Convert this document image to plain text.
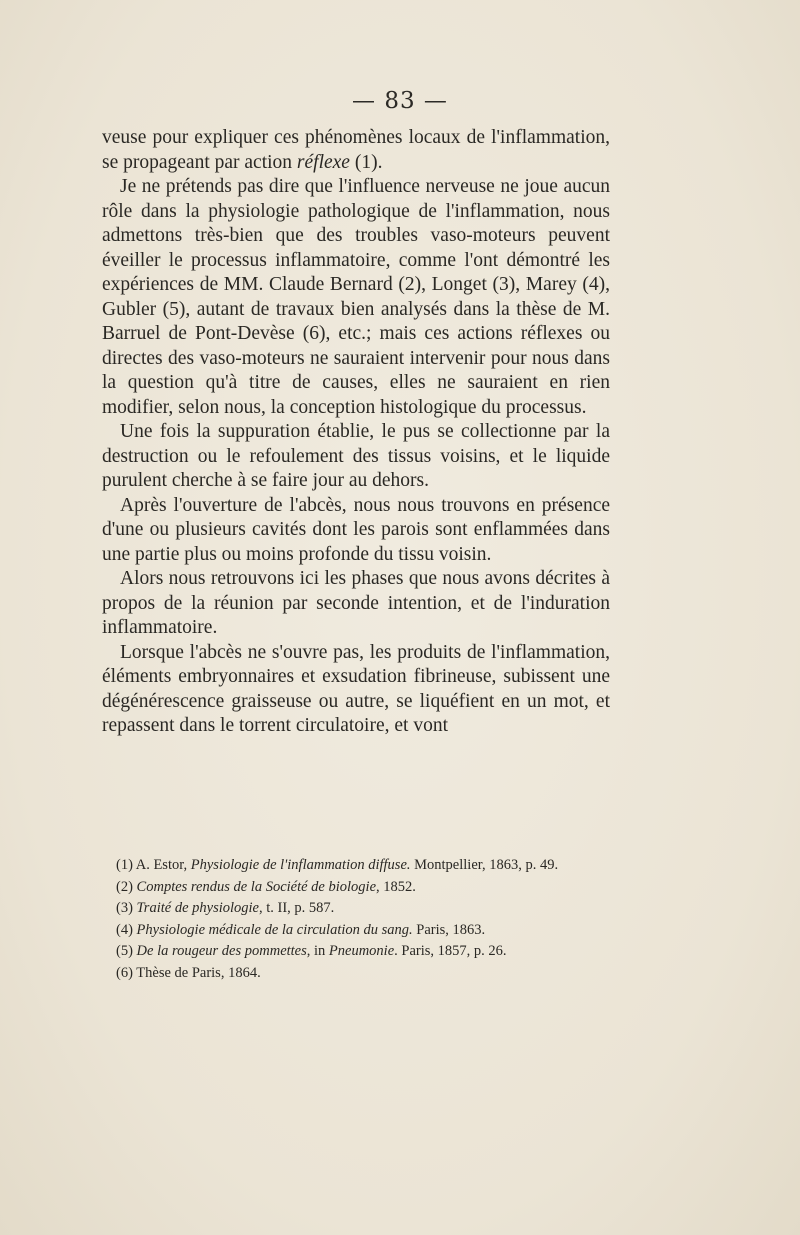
— 83 —

veuse pour expliquer ces phénomènes locaux de l'inflammation, se propageant par action réflexe (1).

Je ne prétends pas dire que l'influence nerveuse ne joue aucun rôle dans la physiologie pathologique de l'inflammation, nous admettons très-bien que des troubles vaso-moteurs peuvent éveiller le processus inflammatoire, comme l'ont démontré les expériences de MM. Claude Bernard (2), Longet (3), Marey (4), Gubler (5), autant de travaux bien analysés dans la thèse de M. Barruel de Pont-Devèse (6), etc.; mais ces actions réflexes ou directes des vaso-moteurs ne sauraient intervenir pour nous dans la question qu'à titre de causes, elles ne sauraient en rien modifier, selon nous, la conception histologique du processus.

Une fois la suppuration établie, le pus se collectionne par la destruction ou le refoulement des tissus voisins, et le liquide purulent cherche à se faire jour au dehors.

Après l'ouverture de l'abcès, nous nous trouvons en présence d'une ou plusieurs cavités dont les parois sont enflammées dans une partie plus ou moins profonde du tissu voisin.

Alors nous retrouvons ici les phases que nous avons décrites à propos de la réunion par seconde intention, et de l'induration inflammatoire.

Lorsque l'abcès ne s'ouvre pas, les produits de l'inflammation, éléments embryonnaires et exsudation fibrineuse, subissent une dégénérescence graisseuse ou autre, se liquéfient en un mot, et repassent dans le torrent circulatoire, et vont

(1) A. Estor, Physiologie de l'inflammation diffuse. Montpellier, 1863, p. 49.

(2) Comptes rendus de la Société de biologie, 1852.

(3) Traité de physiologie, t. II, p. 587.

(4) Physiologie médicale de la circulation du sang. Paris, 1863.

(5) De la rougeur des pommettes, in Pneumonie. Paris, 1857, p. 26.

(6) Thèse de Paris, 1864.
